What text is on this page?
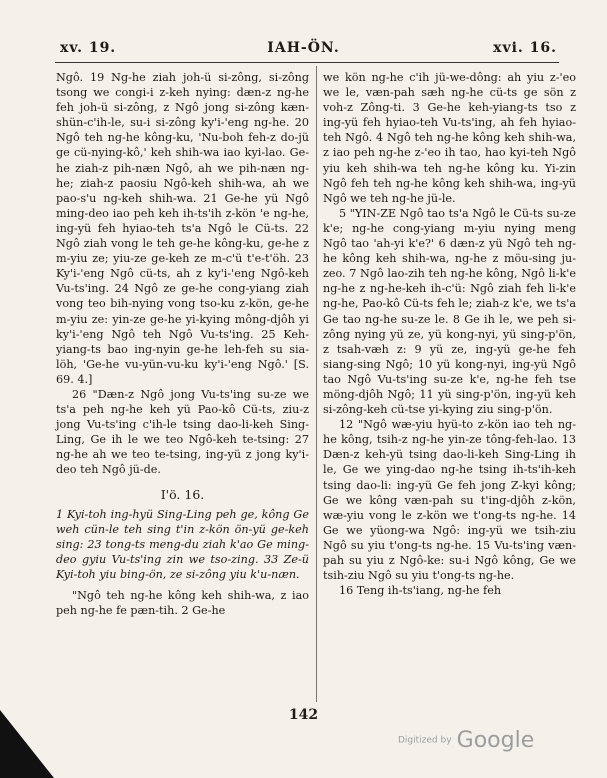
xv. 19.	IAH-ÖN.	xvi. 16.

Ngô. 19 Ng-he ziah joh-ü si-zông, si-zông tsong we congi-i z-keh nying: dæn-z ng-he feh joh-ü si-zông, z Ngô jong si-zông kæn-shün-c'ih-le, su-i si-zông ky'i-'eng ng-he. 20 Ngô teh ng-he kông-ku, 'Nu-boh feh-z do-jü ge cü-nying-kô,' keh shih-wa iao kyi-lao. Ge-he ziah-z pih-næn Ngô, ah we pih-næn ng-he; ziah-z paosiu Ngô-keh shih-wa, ah we pao-s'u ng-keh shih-wa. 21 Ge-he yü Ngô ming-deo iao peh keh ih-ts'ih z-kön 'e ng-he, ing-yü feh hyiao-teh ts'a Ngô le Cü-ts. 22 Ngô ziah vong le teh ge-he kông-ku, ge-he z m-yiu ze; yiu-ze ge-keh ze m-c'ü t'e-t'öh. 23 Ky'i-'eng Ngô cü-ts, ah z ky'i-'eng Ngô-keh Vu-ts'ing. 24 Ngô ze ge-he cong-yiang ziah vong teo bih-nying vong tso-ku z-kön, ge-he m-yiu ze: yin-ze ge-he yi-kying mông-djôh yi ky'i-'eng Ngô teh Ngô Vu-ts'ing. 25 Keh-yiang-ts bao ing-nyin ge-he leh-feh su sia-löh, 'Ge-he vu-yün-vu-ku ky'i-'eng Ngô.' [S. 69. 4.]

26 "Dæn-z Ngô jong Vu-ts'ing su-ze we ts'a peh ng-he keh yü Pao-kô Cü-ts, ziu-z jong Vu-ts'ing c'ih-le tsing dao-li-keh Sing-Ling, Ge ih le we teo Ngô-keh te-tsing: 27 ng-he ah we teo te-tsing, ing-yü z jong ky'i-deo teh Ngô jü-de.

I'ö. 16.

1 Kyi-toh ing-hyü Sing-Ling peh ge, kông Ge weh cün-le teh sing t'in z-kön ön-yü ge-keh sing: 23 tong-ts meng-du ziah k'ao Ge ming-deo gyiu Vu-ts'ing zin we tso-zing. 33 Ze-ü Kyi-toh yiu bing-ön, ze si-zông yiu k'u-næn.

"Ngô teh ng-he kông keh shih-wa, z iao peh ng-he fe pæn-tih. 2 Ge-he

we kön ng-he c'ih jü-we-dông: ah yiu z-'eo we le, væn-pah sæh ng-he cü-ts ge sön z voh-z Zông-ti. 3 Ge-he keh-yiang-ts tso z ing-yü feh hyiao-teh Vu-ts'ing, ah feh hyiao-teh Ngô. 4 Ngô teh ng-he kông keh shih-wa, z iao peh ng-he z-'eo ih tao, hao kyi-teh Ngô yiu keh shih-wa teh ng-he kông ku. Yi-zin Ngô feh teh ng-he kông keh shih-wa, ing-yü Ngô we teh ng-he jü-le.

5 "YIN-ZE Ngô tao ts'a Ngô le Cü-ts su-ze k'e; ng-he cong-yiang m-yiu nying meng Ngô tao 'ah-yi k'e?' 6 dæn-z yü Ngô teh ng-he kông keh shih-wa, ng-he z möu-sing ju-zeo. 7 Ngô lao-zih teh ng-he kông, Ngô li-k'e ng-he z ng-he-keh ih-c'ü: Ngô ziah feh li-k'e ng-he, Pao-kô Cü-ts feh le; ziah-z k'e, we ts'a Ge tao ng-he su-ze le. 8 Ge ih le, we peh si-zông nying yü ze, yü kong-nyi, yü sing-p'ön, z tsah-væh z: 9 yü ze, ing-yü ge-he feh siang-sing Ngô; 10 yü kong-nyi, ing-yü Ngô tao Ngô Vu-ts'ing su-ze k'e, ng-he feh tse möng-djôh Ngô; 11 yü sing-p'ön, ing-yü keh si-zông-keh cü-tse yi-kying ziu sing-p'ön.

12 "Ngô wæ-yiu hyü-to z-kön iao teh ng-he kông, tsih-z ng-he yin-ze tông-feh-lao. 13 Dæn-z keh-yü tsing dao-li-keh Sing-Ling ih le, Ge we ying-dao ng-he tsing ih-ts'ih-keh tsing dao-li: ing-yü Ge feh jong Z-kyi kông; Ge we kông væn-pah su t'ing-djôh z-kön, wæ-yiu vong le z-kön we t'ong-ts ng-he. 14 Ge we yüong-wa Ngô: ing-yü we tsih-ziu Ngô su yiu t'ong-ts ng-he. 15 Vu-ts'ing væn-pah su yiu z Ngô-ke: su-i Ngô kông, Ge we tsih-ziu Ngô su yiu t'ong-ts ng-he.

16 Teng ih-ts'iang, ng-he feh

142
Digitized by Google
